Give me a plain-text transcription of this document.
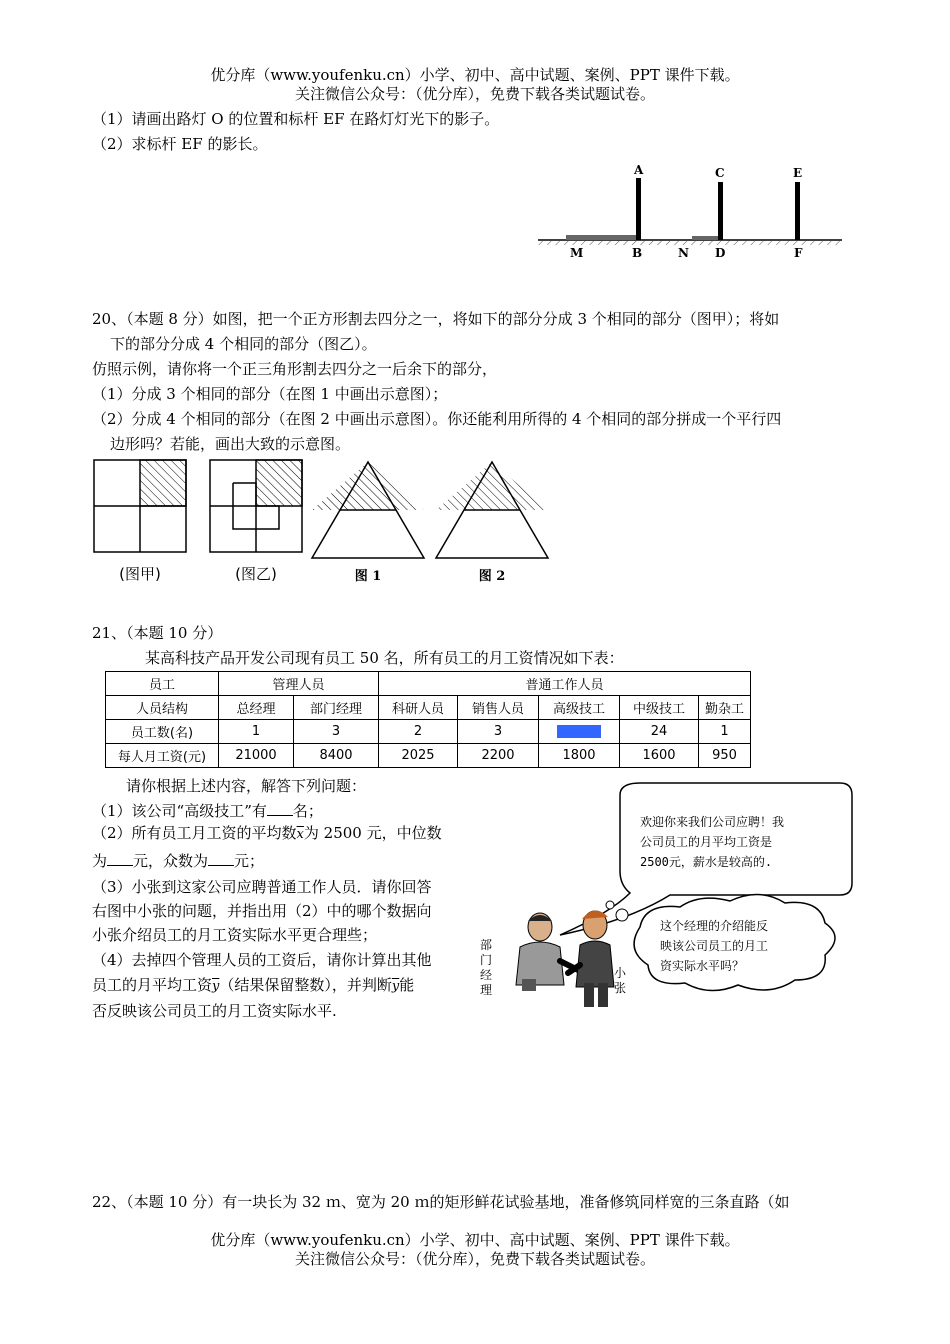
优分库（www.youfenku.cn）小学、初中、高中试题、案例、PPT 课件下载。
关注微信公众号：（优分库），免费下载各类试题试卷。
（1）请画出路灯 O 的位置和标杆 EF 在路灯灯光下的影子。
（2）求标杆 EF 的影长。
A	C	E
M	B	N D	F
20、（本题 8 分）如图，把一个正方形割去四分之一，将如下的部分分成 3 个相同的部分（图甲）；将如
下的部分分成 4 个相同的部分（图乙）。
仿照示例，请你将一个正三角形割去四分之一后余下的部分，
（1）分成 3 个相同的部分（在图 1 中画出示意图）；
（2）分成 4 个相同的部分（在图 2 中画出示意图）。你还能利用所得的 4 个相同的部分拼成一个平行四
边形吗？若能，画出大致的示意图。
(图甲)	(图乙)	图 1	图 2
21、（本题 10 分）
某高科技产品开发公司现有员工 50 名，所有员工的月工资情况如下表：
员工	管理人员		普通工作人员				
人员结构	总经理	部门经理	科研人员	销售人员	高级技工	中级技工	勤杂工
员工数(名)	1	3	2	3		24	1
每人月工资(元)	21000	8400	2025	2200	1800	1600	950
请你根据上述内容，解答下列问题：
（1）该公司“高级技工”有 名；
（2）所有员工月工资的平均数$\overline{x}$为 2500 元，中位数
为 元，众数为 元；
（3）小张到这家公司应聘普通工作人员．请你回答
右图中小张的问题，并指出用（2）中的哪个数据向
小张介绍员工的月工资实际水平更合理些；
（4）去掉四个管理人员的工资后，请你计算出其他
员工的月平均工资$\overline{y}$（结果保留整数），并判断$\overline{y}$能
否反映该公司员工的月工资实际水平.
欢迎你来我们公司应聘！我
公司员工的月平均工资是
2500元，薪水是较高的.
这个经理的介绍能反
映该公司员工的月工
资实际水平吗？
部
门
经
理
小
张
22、（本题 10 分）有一块长为 32 ｍ、宽为 20 ｍ的矩形鲜花试验基地，准备修筑同样宽的三条直路（如
优分库（www.youfenku.cn）小学、初中、高中试题、案例、PPT 课件下载。
关注微信公众号：（优分库），免费下载各类试题试卷。
